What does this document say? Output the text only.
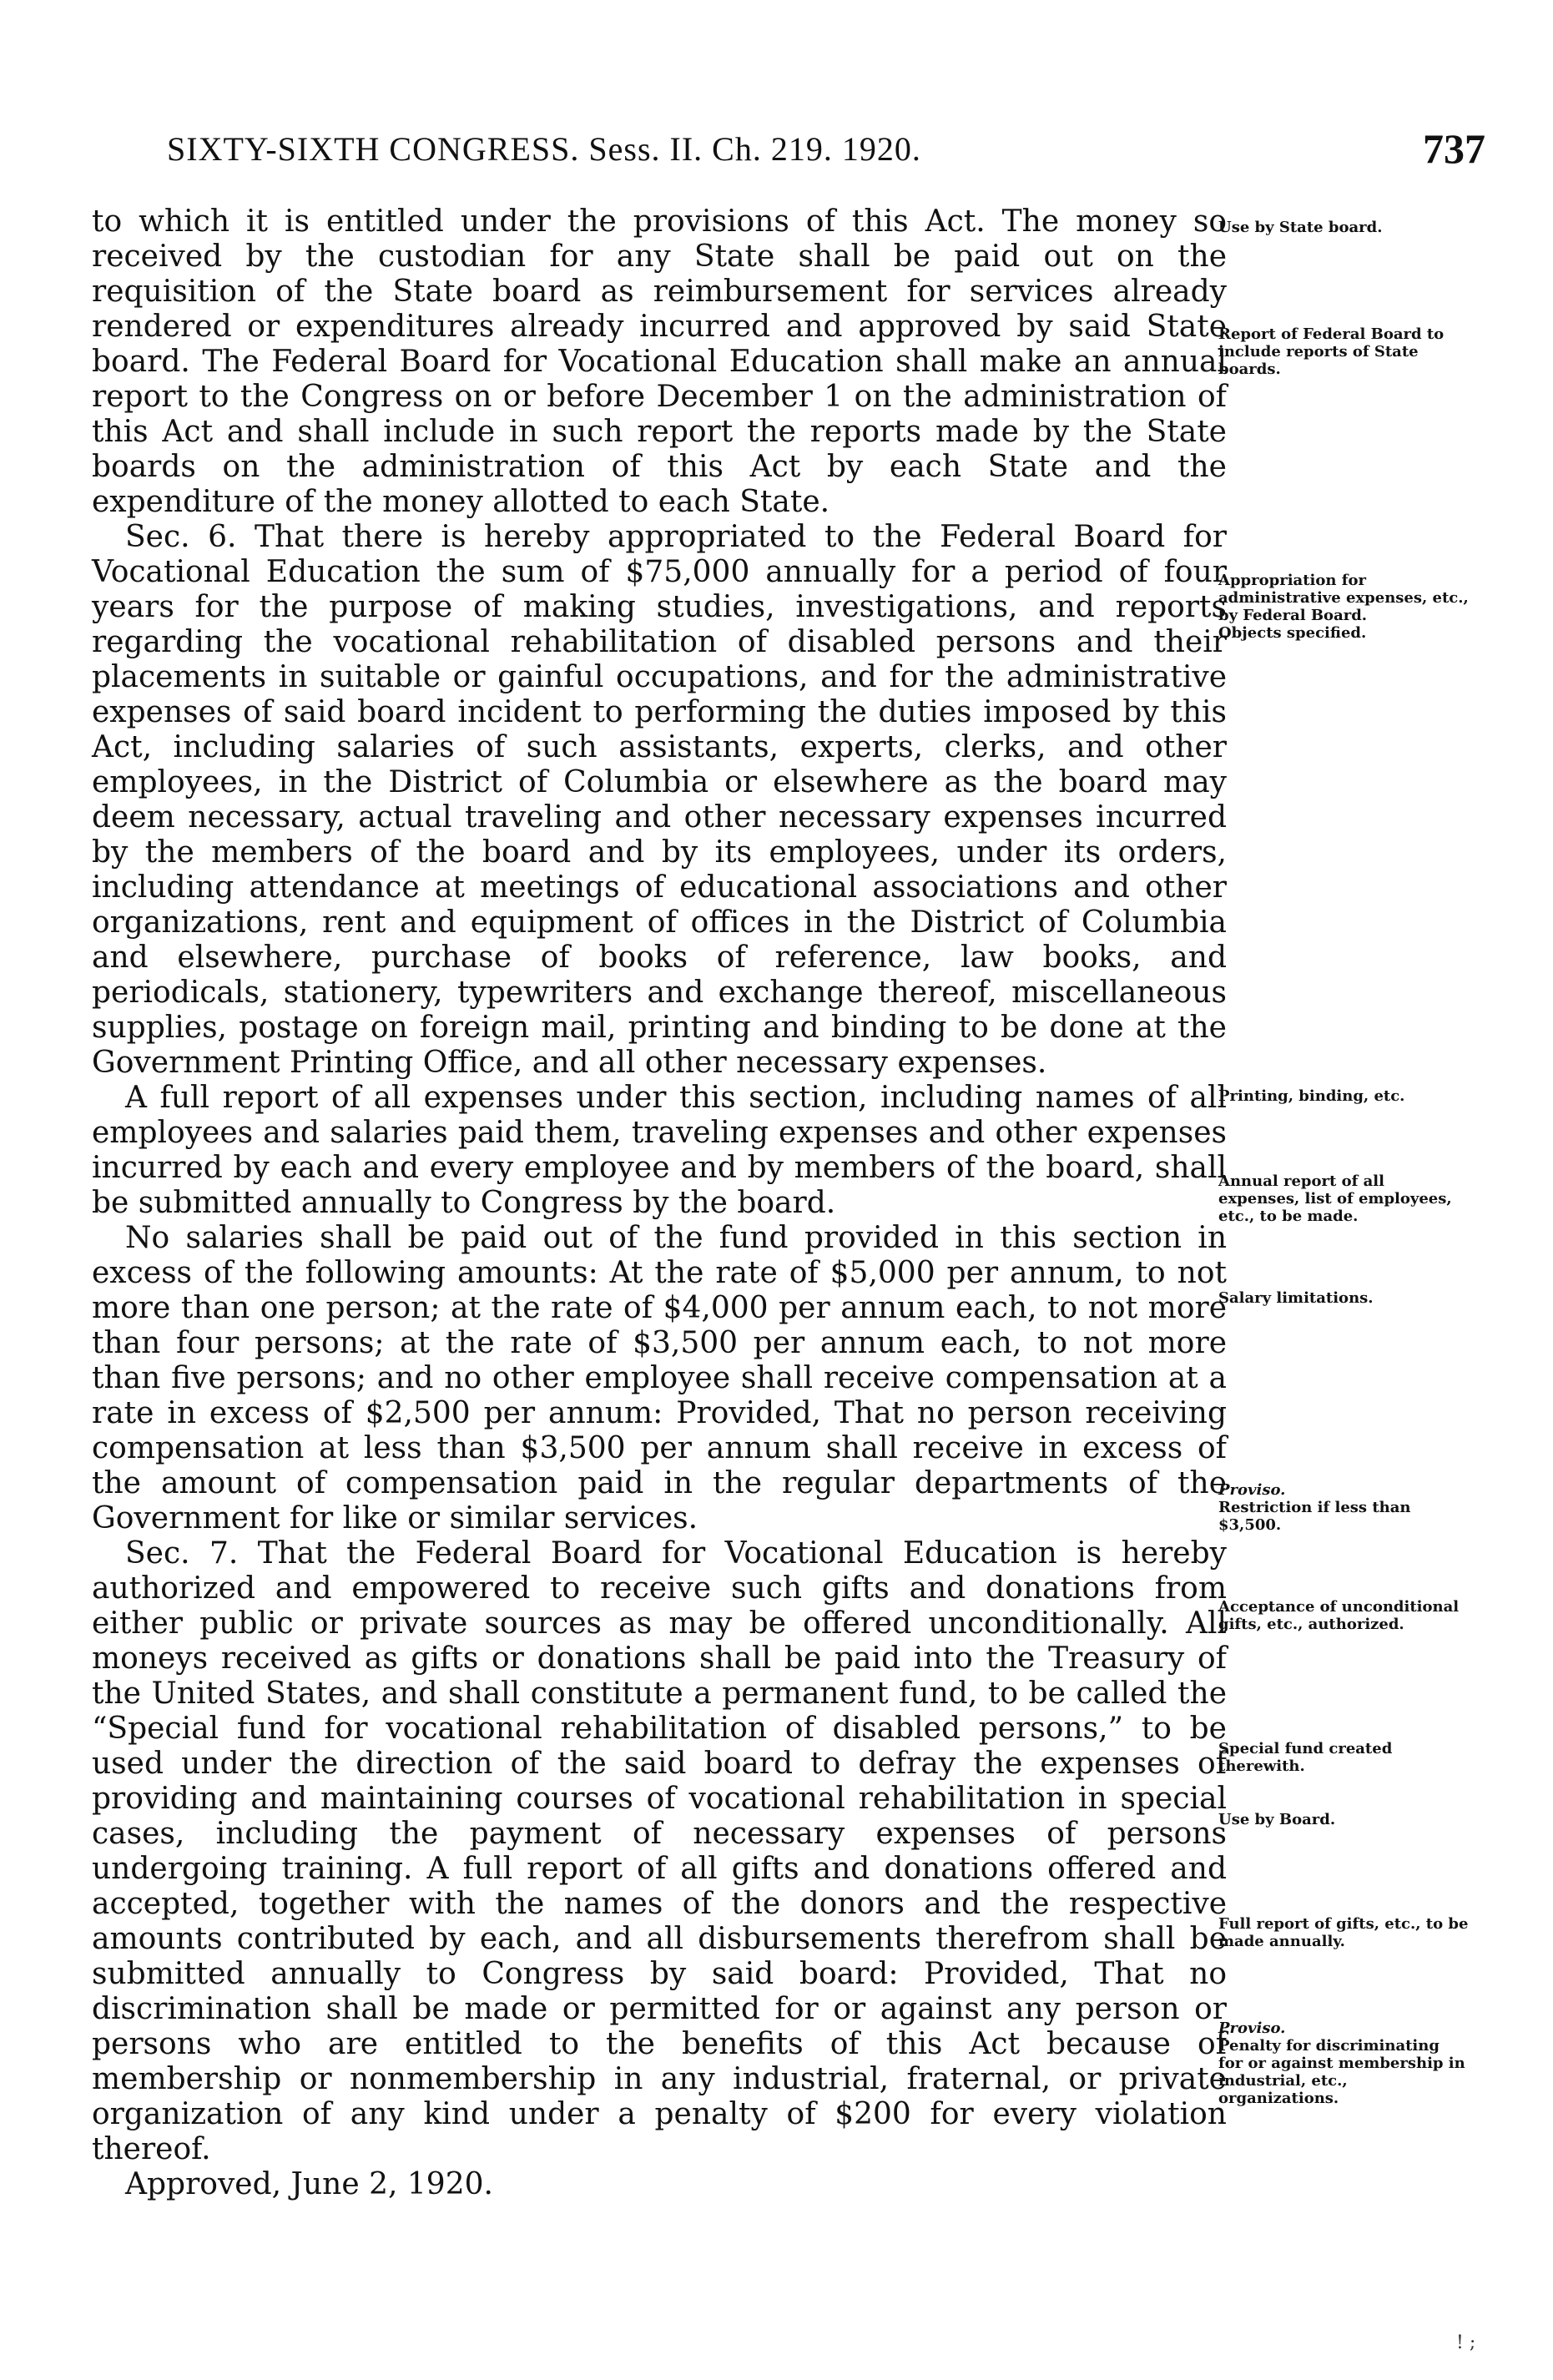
SIXTY-SIXTH CONGRESS. Sess. II. Ch. 219. 1920.	737

to which it is entitled under the provisions of this Act. The money so received by the custodian for any State shall be paid out on the requisition of the State board as reimbursement for services already rendered or expenditures already incurred and approved by said State board. The Federal Board for Vocational Education shall make an annual report to the Congress on or before December 1 on the administration of this Act and shall include in such report the reports made by the State boards on the administration of this Act by each State and the expenditure of the money allotted to each State.

Sec. 6. That there is hereby appropriated to the Federal Board for Vocational Education the sum of $75,000 annually for a period of four years for the purpose of making studies, investigations, and reports regarding the vocational rehabilitation of disabled persons and their placements in suitable or gainful occupations, and for the administrative expenses of said board incident to performing the duties imposed by this Act, including salaries of such assistants, experts, clerks, and other employees, in the District of Columbia or elsewhere as the board may deem necessary, actual traveling and other necessary expenses incurred by the members of the board and by its employees, under its orders, including attendance at meetings of educational associations and other organizations, rent and equipment of offices in the District of Columbia and elsewhere, purchase of books of reference, law books, and periodicals, stationery, typewriters and exchange thereof, miscellaneous supplies, postage on foreign mail, printing and binding to be done at the Government Printing Office, and all other necessary expenses.

A full report of all expenses under this section, including names of all employees and salaries paid them, traveling expenses and other expenses incurred by each and every employee and by members of the board, shall be submitted annually to Congress by the board.

No salaries shall be paid out of the fund provided in this section in excess of the following amounts: At the rate of $5,000 per annum, to not more than one person; at the rate of $4,000 per annum each, to not more than four persons; at the rate of $3,500 per annum each, to not more than five persons; and no other employee shall receive compensation at a rate in excess of $2,500 per annum: Provided, That no person receiving compensation at less than $3,500 per annum shall receive in excess of the amount of compensation paid in the regular departments of the Government for like or similar services.

Sec. 7. That the Federal Board for Vocational Education is hereby authorized and empowered to receive such gifts and donations from either public or private sources as may be offered unconditionally. All moneys received as gifts or donations shall be paid into the Treasury of the United States, and shall constitute a permanent fund, to be called the “Special fund for vocational rehabilitation of disabled persons,” to be used under the direction of the said board to defray the expenses of providing and maintaining courses of vocational rehabilitation in special cases, including the payment of necessary expenses of persons undergoing training. A full report of all gifts and donations offered and accepted, together with the names of the donors and the respective amounts contributed by each, and all disbursements therefrom shall be submitted annually to Congress by said board: Provided, That no discrimination shall be made or permitted for or against any person or persons who are entitled to the benefits of this Act because of membership or nonmembership in any industrial, fraternal, or private organization of any kind under a penalty of $200 for every violation thereof.

Approved, June 2, 1920.

Use by State board.
Report of Federal Board to include reports of State boards.
Appropriation for administrative expenses, etc., by Federal Board.
Objects specified.
Printing, binding, etc.
Annual report of all expenses, list of employees, etc., to be made.
Salary limitations.
Proviso.
Restriction if less than $3,500.
Acceptance of unconditional gifts, etc., authorized.
Special fund created therewith.
Use by Board.
Full report of gifts, etc., to be made annually.
Proviso.
Penalty for discriminating for or against membership in industrial, etc., organizations.
! ;
